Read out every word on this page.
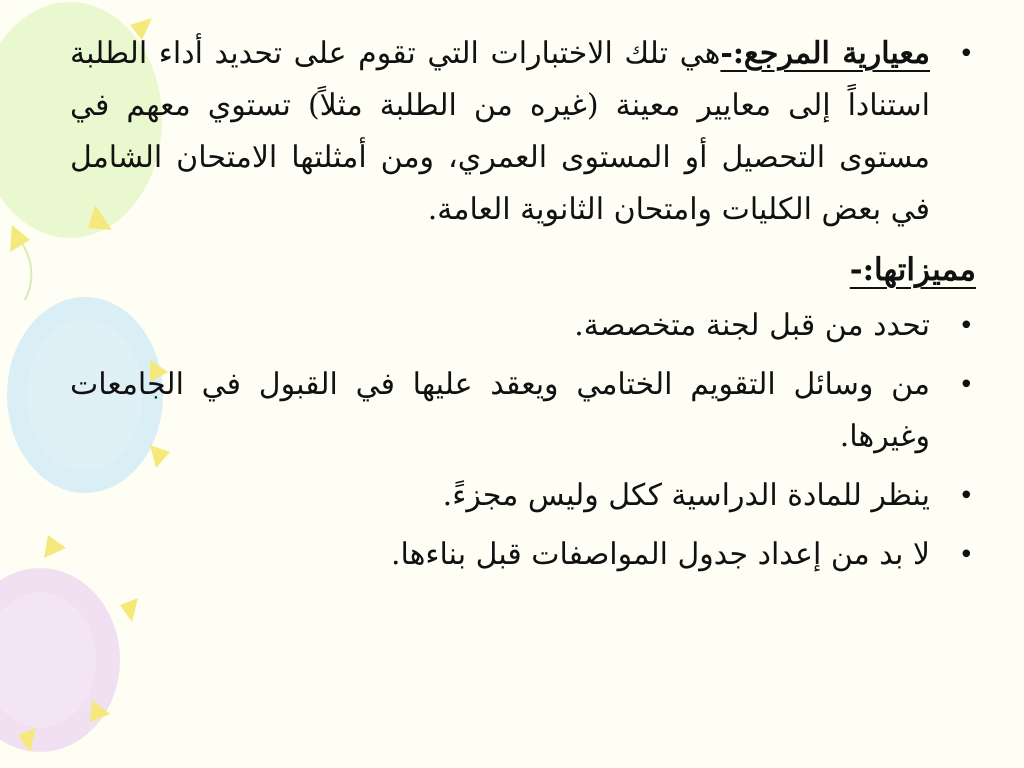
•
معيارية المرجع:-هي تلك الاختبارات التي تقوم على تحديد أداء الطلبة استناداً إلى معايير معينة (غيره من الطلبة مثلاً) تستوي معهم في مستوى التحصيل أو المستوى العمري، ومن أمثلتها الامتحان الشامل في بعض الكليات وامتحان الثانوية العامة.
مميزاتها:-
•
تحدد من قبل لجنة متخصصة.
•
من وسائل التقويم الختامي ويعقد عليها في القبول في الجامعات وغيرها.
•
ينظر للمادة الدراسية ككل وليس مجزءً.
•
لا بد من إعداد جدول المواصفات قبل بناءها.
